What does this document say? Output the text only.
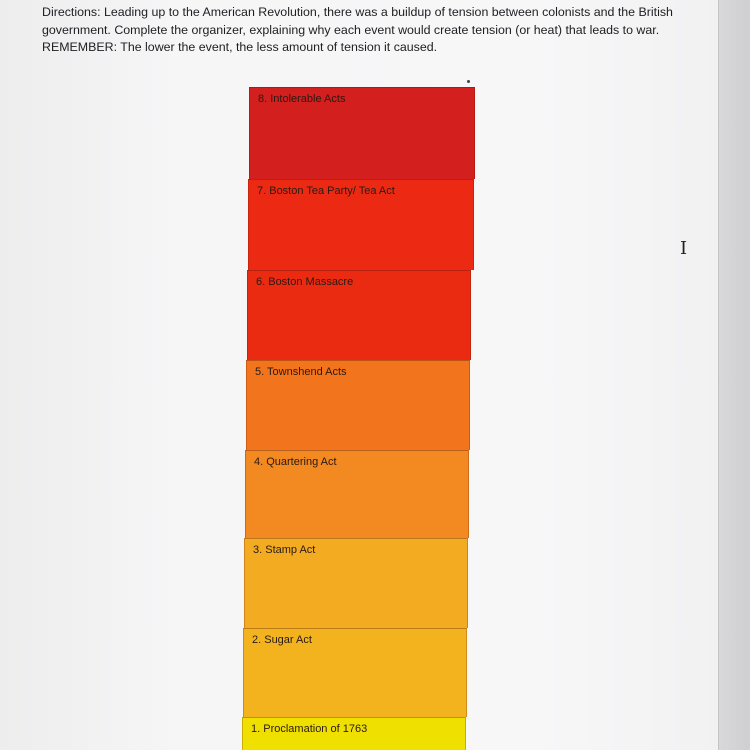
Directions: Leading up to the American Revolution, there was a buildup of tension between colonists and the British government. Complete the organizer, explaining why each event would create tension (or heat) that leads to war. REMEMBER: The lower the event, the less amount of tension it caused.

8. Intolerable Acts
7. Boston Tea Party/ Tea Act
6. Boston Massacre
5. Townshend Acts
4. Quartering Act
3. Stamp Act
2. Sugar Act
1. Proclamation of 1763
I
